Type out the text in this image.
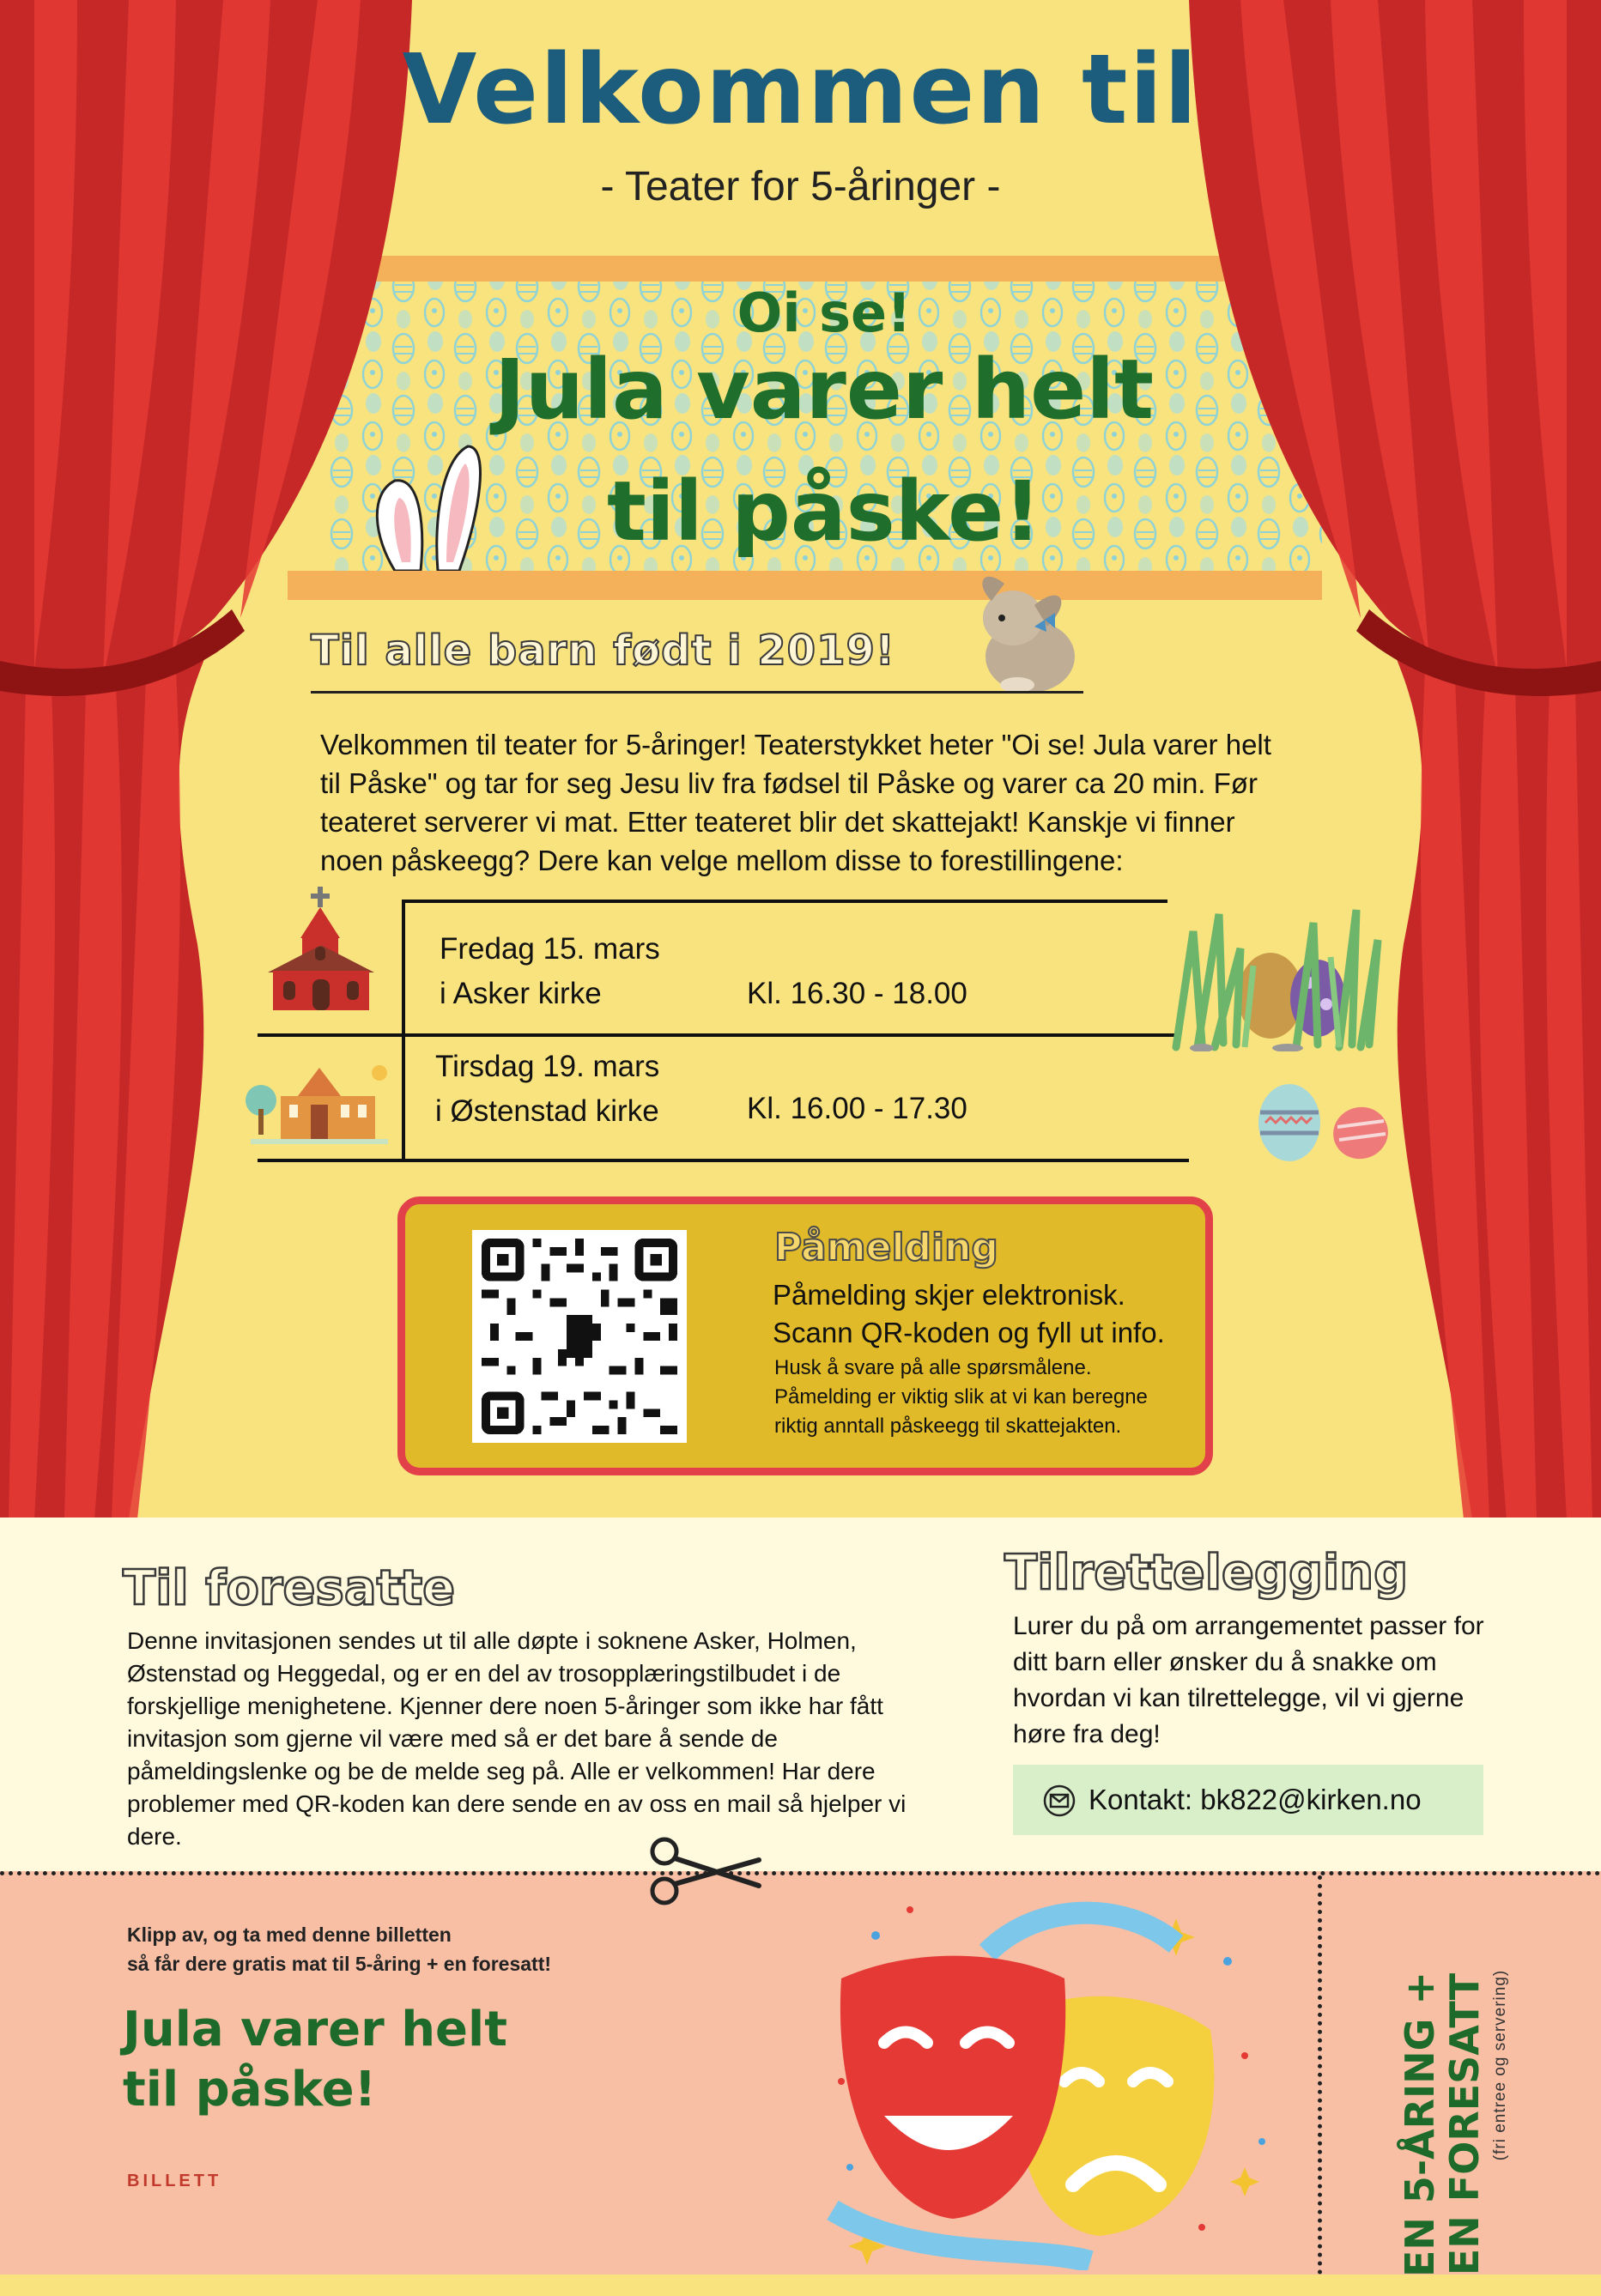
Velkommen til
- Teater for 5-åringer -
Oi se!
Jula varer helt
til påske!
Til alle barn født i 2019!
Velkommen til teater for 5-åringer! Teaterstykket heter "Oi se! Jula varer helt til Påske" og tar for seg Jesu liv fra fødsel til Påske og varer ca 20 min. Før teateret serverer vi mat. Etter teateret blir det skattejakt! Kanskje vi finner noen påskeegg? Dere kan velge mellom disse to forestillingene:
Fredag 15. mars
i Asker kirke	Kl. 16.30 - 18.00
Tirsdag 19. mars
i Østenstad kirke	Kl. 16.00 - 17.30
Påmelding
Påmelding skjer elektronisk.
Scann QR-koden og fyll ut info.
Husk å svare på alle spørsmålene.
Påmelding er viktig slik at vi kan beregne
riktig anntall påskeegg til skattejakten.
Til foresatte
Denne invitasjonen sendes ut til alle døpte i soknene Asker, Holmen, Østenstad og Heggedal, og er en del av trosopplæringstilbudet i de forskjellige menighetene. Kjenner dere noen 5-åringer som ikke har fått invitasjon som gjerne vil være med så er det bare å sende de påmeldingslenke og be de melde seg på. Alle er velkommen! Har dere problemer med QR-koden kan dere sende en av oss en mail så hjelper vi dere.
Tilrettelegging
Lurer du på om arrangementet passer for ditt barn eller ønsker du å snakke om hvordan vi kan tilrettelegge, vil vi gjerne høre fra deg!
Kontakt: bk822@kirken.no
Klipp av, og ta med denne billetten
så får dere gratis mat til 5-åring + en foresatt!
Jula varer helt
til påske!
BILLETT	EN 5-ÅRING +
EN FORESATT (fri entree og servering)
